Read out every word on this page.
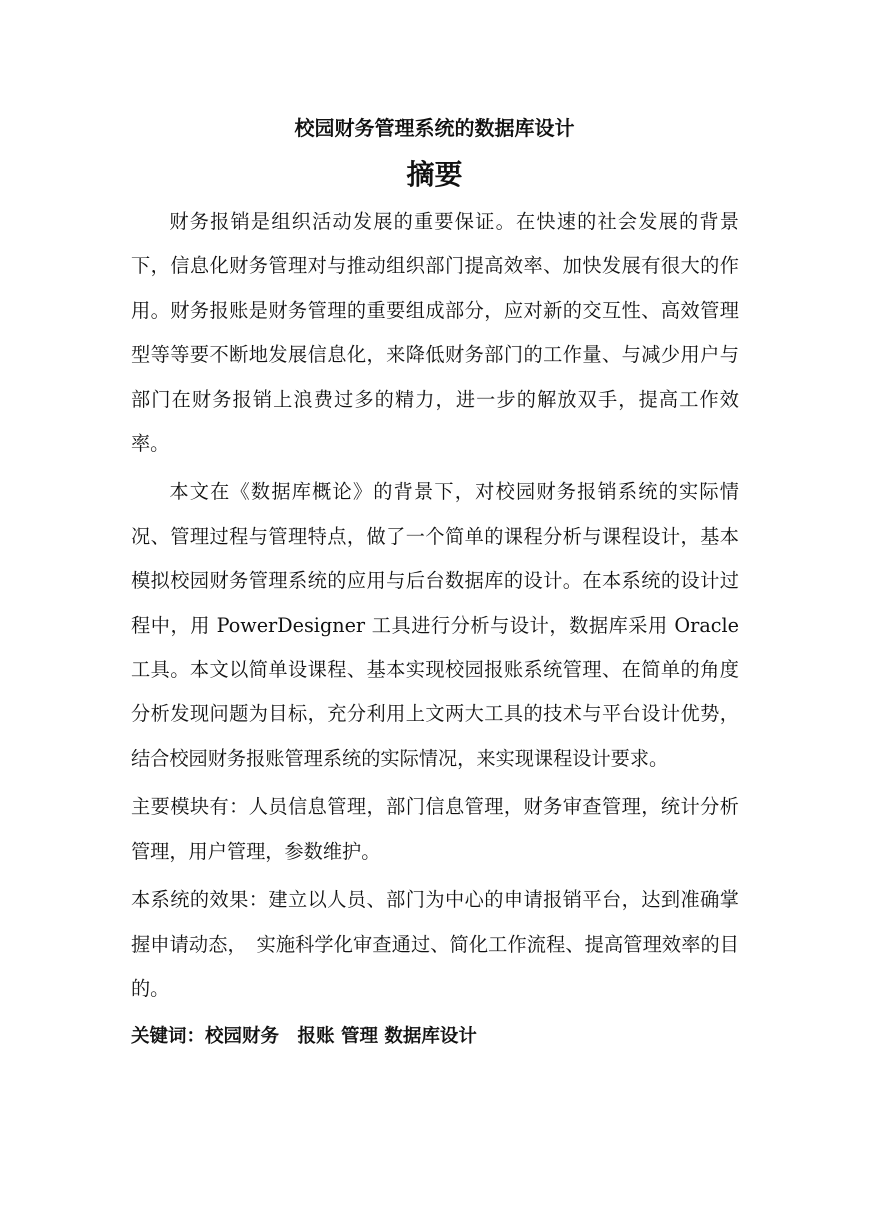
校园财务管理系统的数据库设计
摘要

财务报销是组织活动发展的重要保证。在快速的社会发展的背景下，信息化财务管理对与推动组织部门提高效率、加快发展有很大的作用。财务报账是财务管理的重要组成部分，应对新的交互性、高效管理型等等要不断地发展信息化，来降低财务部门的工作量、与减少用户与部门在财务报销上浪费过多的精力，进一步的解放双手，提高工作效率。

本文在《数据库概论》的背景下，对校园财务报销系统的实际情况、管理过程与管理特点，做了一个简单的课程分析与课程设计，基本模拟校园财务管理系统的应用与后台数据库的设计。在本系统的设计过程中，用 PowerDesigner 工具进行分析与设计，数据库采用 Oracle 工具。本文以简单设课程、基本实现校园报账系统管理、在简单的角度分析发现问题为目标，充分利用上文两大工具的技术与平台设计优势，结合校园财务报账管理系统的实际情况，来实现课程设计要求。

主要模块有：人员信息管理，部门信息管理，财务审查管理，统计分析管理，用户管理，参数维护。

本系统的效果：建立以人员、部门为中心的申请报销平台，达到准确掌握申请动态，　实施科学化审查通过、简化工作流程、提高管理效率的目的。

关键词：校园财务　报账 管理 数据库设计
